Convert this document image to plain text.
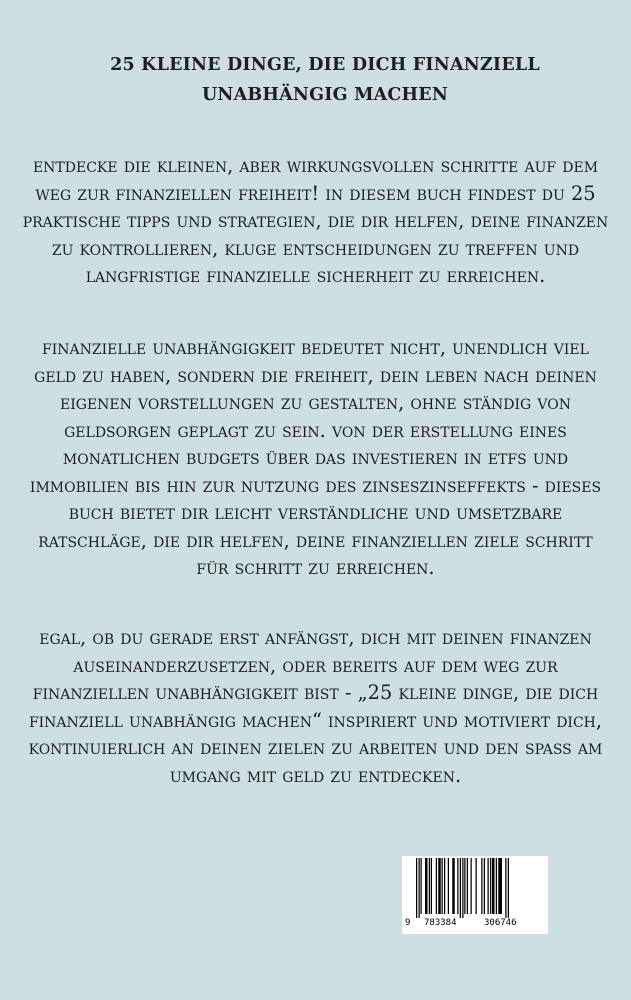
25 KLEINE DINGE, DIE DICH FINANZIELL UNABHÄNGIG MACHEN
entdecke die kleinen, aber wirkungsvollen schritte auf dem weg zur finanziellen freiheit! in diesem buch findest du 25 praktische tipps und strategien, die dir helfen, deine finanzen zu kontrollieren, kluge entscheidungen zu treffen und langfristige finanzielle sicherheit zu erreichen.
finanzielle unabhängigkeit bedeutet nicht, unendlich viel geld zu haben, sondern die freiheit, dein leben nach deinen eigenen vorstellungen zu gestalten, ohne ständig von geldsorgen geplagt zu sein. von der erstellung eines monatlichen budgets über das investieren in etfs und immobilien bis hin zur nutzung des zinseszinseffekts - dieses buch bietet dir leicht verständliche und umsetzbare ratschläge, die dir helfen, deine finanziellen ziele schritt für schritt zu erreichen.
egal, ob du gerade erst anfängst, dich mit deinen finanzen auseinanderzusetzen, oder bereits auf dem weg zur finanziellen unabhängigkeit bist - „25 kleine dinge, die dich finanziell unabhängig machen“ inspiriert und motiviert dich, kontinuierlich an deinen zielen zu arbeiten und den spaß am umgang mit geld zu entdecken.
9 783384	306746
